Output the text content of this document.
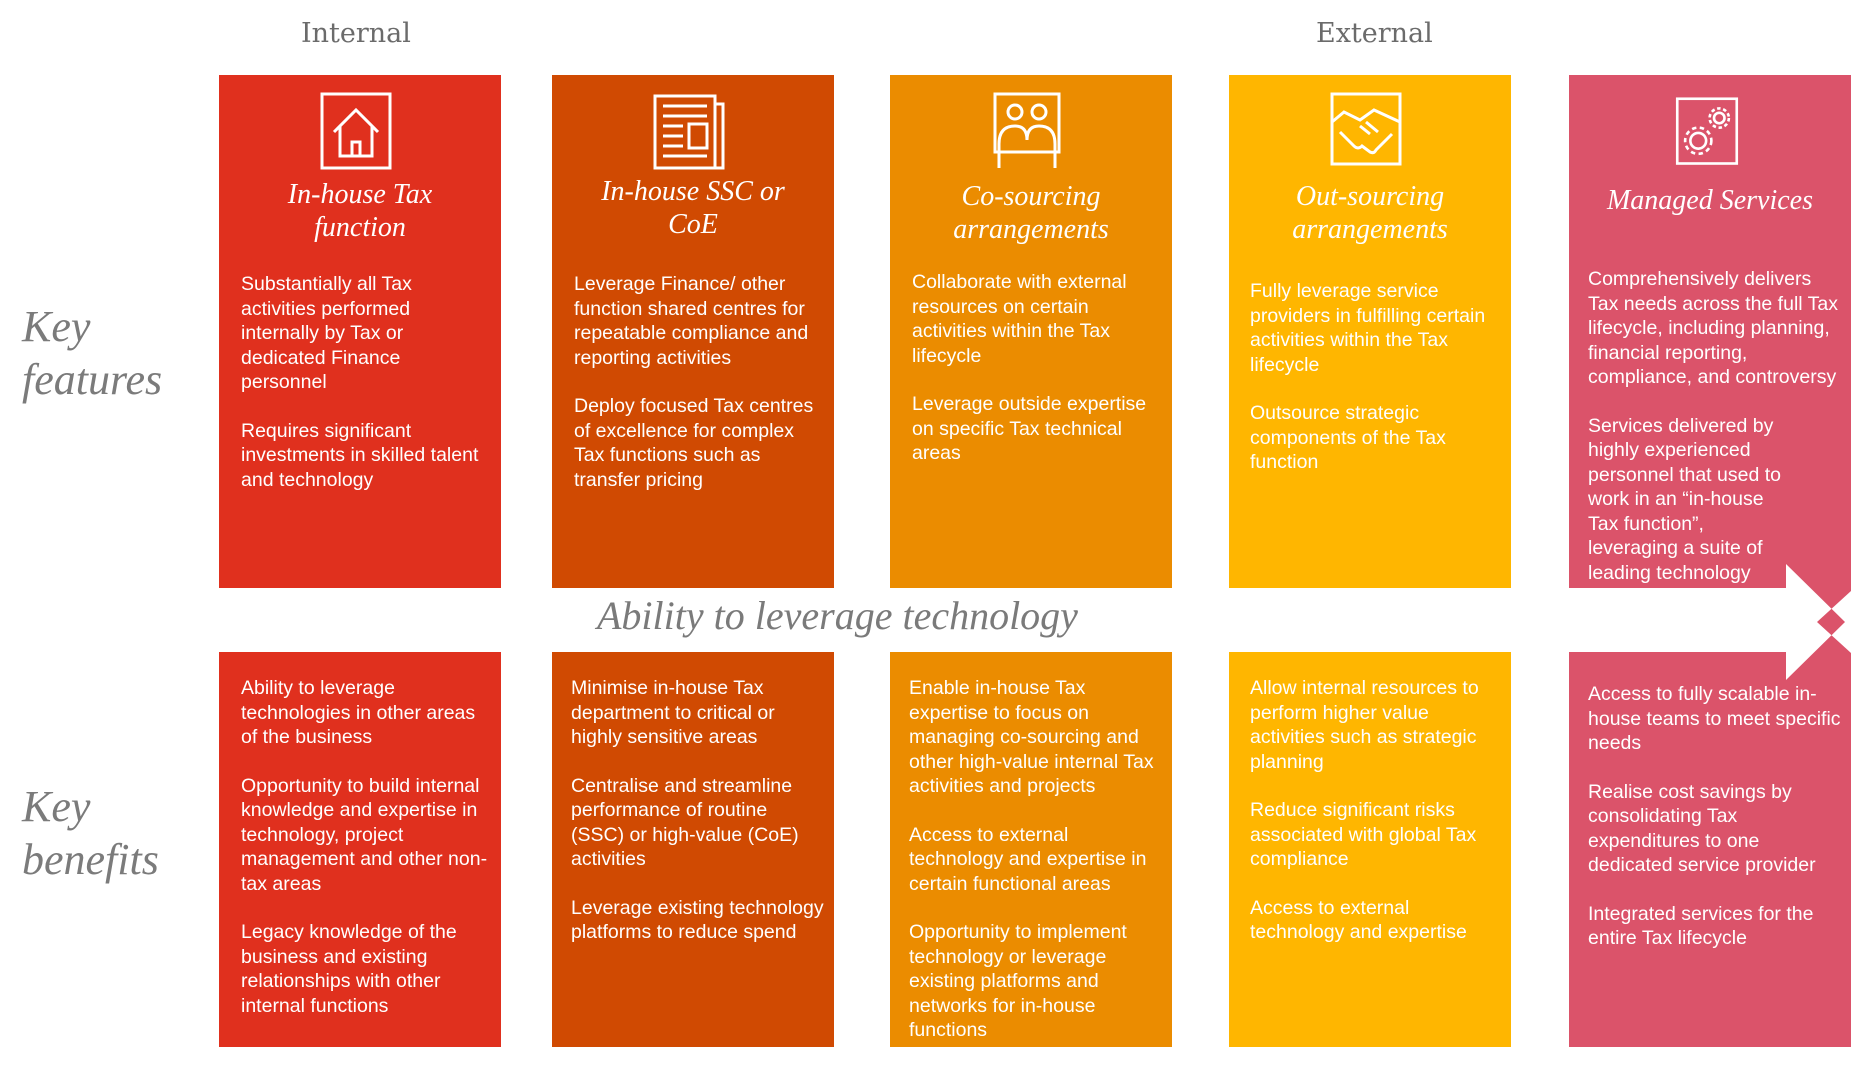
Internal	External
Key
features
Key
benefits
Ability to leverage technology
In-house Tax
function

Substantially all Tax activities performed internally by Tax or dedicated Finance personnel

Requires significant investments in skilled talent and technology

Ability to leverage technologies in other areas of the business

Opportunity to build internal knowledge and expertise in technology, project management and other non-tax areas

Legacy knowledge of the business and existing relationships with other internal functions

In-house SSC or
CoE

Leverage Finance/ other function shared centres for repeatable compliance and reporting activities

Deploy focused Tax centres of excellence for complex Tax functions such as transfer pricing

Minimise in-house Tax department to critical or highly sensitive areas

Centralise and streamline performance of routine (SSC) or high-value (CoE) activities

Leverage existing technology platforms to reduce spend

Co-sourcing
arrangements

Collaborate with external resources on certain activities within the Tax lifecycle

Leverage outside expertise on specific Tax technical areas

Enable in-house Tax expertise to focus on managing co-sourcing and other high-value internal Tax activities and projects

Access to external technology and expertise in certain functional areas

Opportunity to implement technology or leverage existing platforms and networks for in-house functions

Out-sourcing
arrangements

Fully leverage service providers in fulfilling certain activities within the Tax lifecycle

Outsource strategic components of the Tax function

Allow internal resources to perform higher value activities such as strategic planning

Reduce significant risks associated with global Tax compliance

Access to external technology and expertise

Managed Services

Comprehensively delivers Tax needs across the full Tax lifecycle, including planning, financial reporting, compliance, and controversy

Services delivered by highly experienced personnel that used to work in an “in-house Tax function”, leveraging a suite of leading technology solutions

Access to fully scalable in-house teams to meet specific needs

Realise cost savings by consolidating Tax expenditures to one dedicated service provider

Integrated services for the entire Tax lifecycle
